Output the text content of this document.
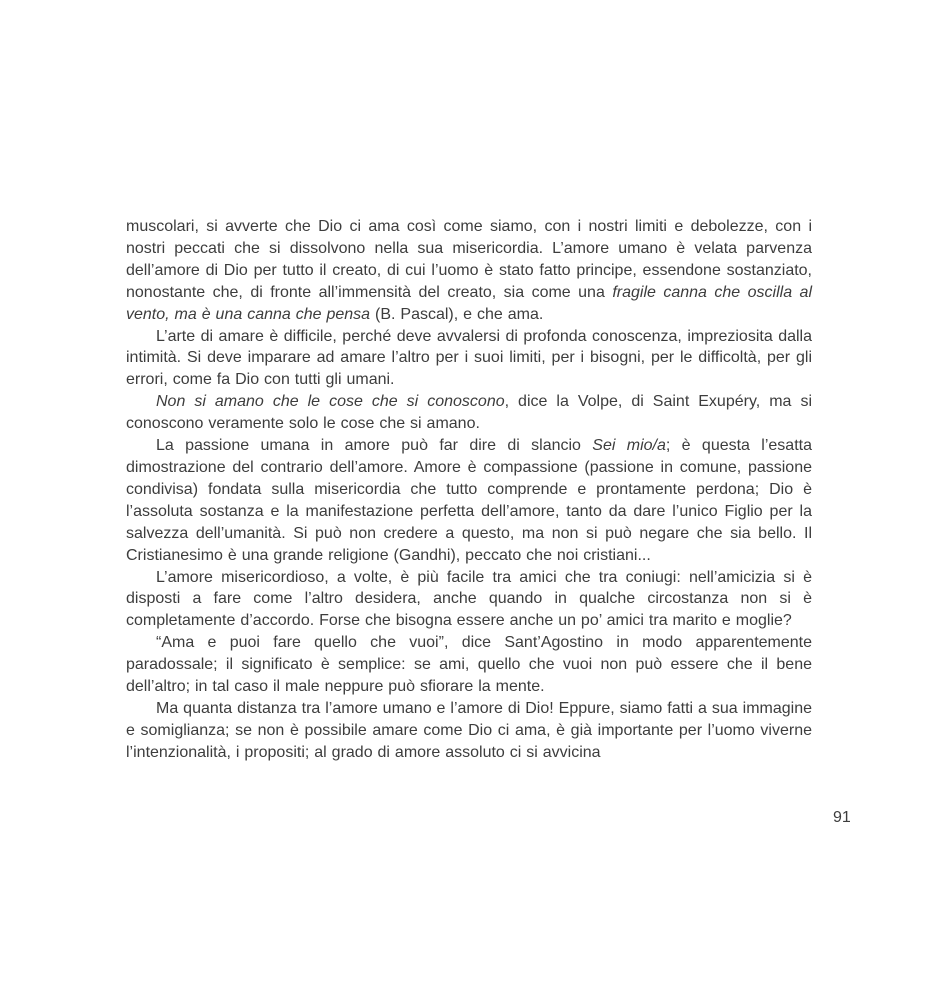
muscolari, si avverte che Dio ci ama così come siamo, con i nostri limiti e debolezze, con i nostri peccati che si dissolvono nella sua misericordia. L’amore umano è velata parvenza dell’amore di Dio per tutto il creato, di cui l’uomo è stato fatto principe, essendone sostanziato, nonostante che, di fronte all’immensità del creato, sia come una fragile canna che oscilla al vento, ma è una canna che pensa (B. Pascal), e che ama.

L’arte di amare è difficile, perché deve avvalersi di profonda conoscenza, impreziosita dalla intimità. Si deve imparare ad amare l’altro per i suoi limiti, per i bisogni, per le difficoltà, per gli errori, come fa Dio con tutti gli umani.

Non si amano che le cose che si conoscono, dice la Volpe, di Saint Exupéry, ma si conoscono veramente solo le cose che si amano.

La passione umana in amore può far dire di slancio Sei mio/a; è questa l’esatta dimostrazione del contrario dell’amore. Amore è compassione (passione in comune, passione condivisa) fondata sulla misericordia che tutto comprende e prontamente perdona; Dio è l’assoluta sostanza e la manifestazione perfetta dell’amore, tanto da dare l’unico Figlio per la salvezza dell’umanità. Si può non credere a questo, ma non si può negare che sia bello. Il Cristianesimo è una grande religione (Gandhi), peccato che noi cristiani...

L’amore misericordioso, a volte, è più facile tra amici che tra coniugi: nell’amicizia si è disposti a fare come l’altro desidera, anche quando in qualche circostanza non si è completamente d’accordo. Forse che bisogna essere anche un po’ amici tra marito e moglie?

“Ama e puoi fare quello che vuoi”, dice Sant’Agostino in modo apparentemente paradossale; il significato è semplice: se ami, quello che vuoi non può essere che il bene dell’altro; in tal caso il male neppure può sfiorare la mente.

Ma quanta distanza tra l’amore umano e l’amore di Dio! Eppure, siamo fatti a sua immagine e somiglianza; se non è possibile amare come Dio ci ama, è già importante per l’uomo viverne l’intenzionalità, i propositi; al grado di amore assoluto ci si avvicina

91
